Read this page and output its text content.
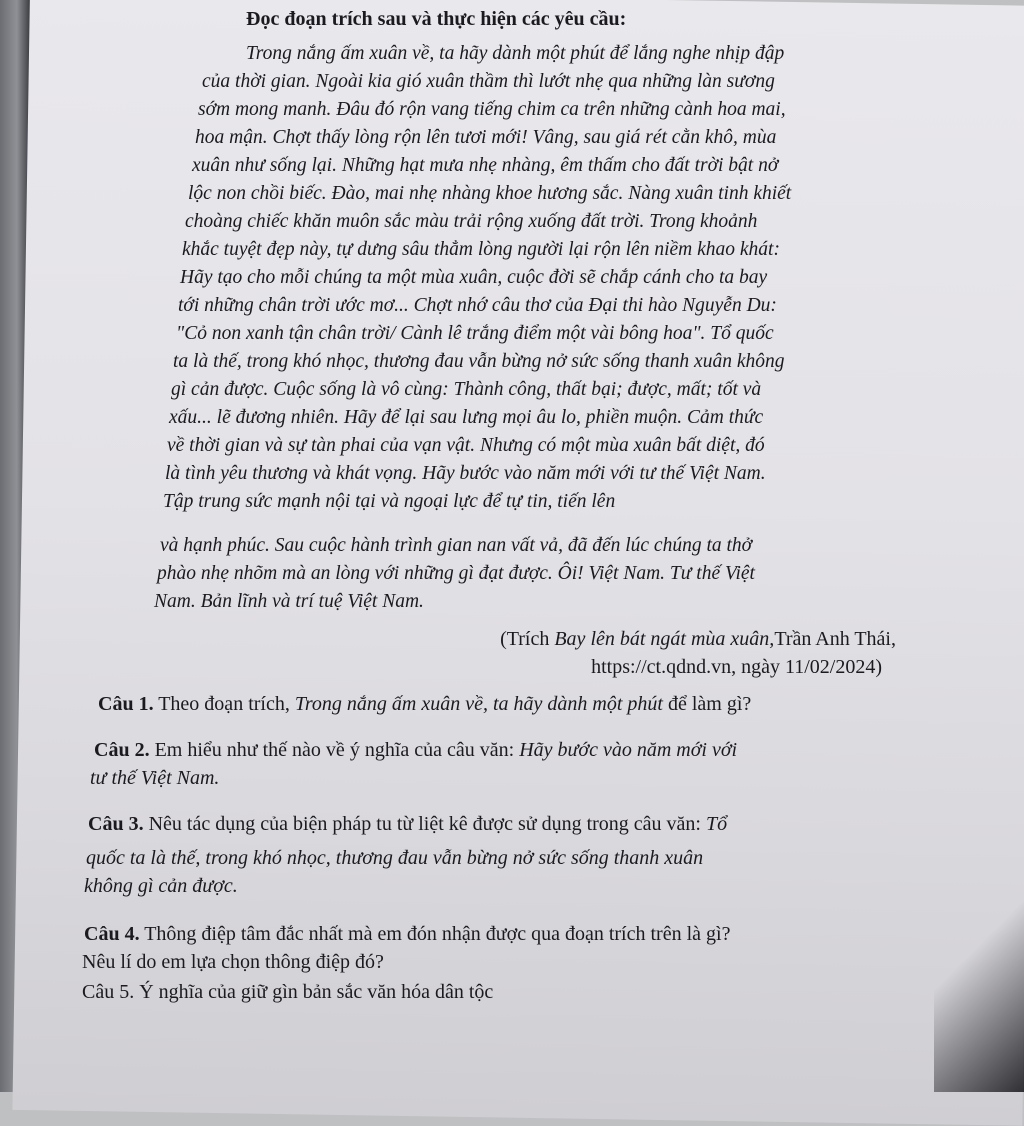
Đọc đoạn trích sau và thực hiện các yêu cầu:

Trong nắng ấm xuân về, ta hãy dành một phút để lắng nghe nhịp đập

của thời gian. Ngoài kia gió xuân thầm thì lướt nhẹ qua những làn sương

sớm mong manh. Đâu đó rộn vang tiếng chim ca trên những cành hoa mai,

hoa mận. Chợt thấy lòng rộn lên tươi mới! Vâng, sau giá rét cằn khô, mùa

xuân như sống lại. Những hạt mưa nhẹ nhàng, êm thấm cho đất trời bật nở

lộc non chồi biếc. Đào, mai nhẹ nhàng khoe hương sắc. Nàng xuân tinh khiết

choàng chiếc khăn muôn sắc màu trải rộng xuống đất trời. Trong khoảnh

khắc tuyệt đẹp này, tự dưng sâu thẳm lòng người lại rộn lên niềm khao khát:

Hãy tạo cho mỗi chúng ta một mùa xuân, cuộc đời sẽ chắp cánh cho ta bay

tới những chân trời ước mơ... Chợt nhớ câu thơ của Đại thi hào Nguyễn Du:

"Cỏ non xanh tận chân trời/ Cành lê trắng điểm một vài bông hoa". Tổ quốc

ta là thế, trong khó nhọc, thương đau vẫn bừng nở sức sống thanh xuân không

gì cản được. Cuộc sống là vô cùng: Thành công, thất bại; được, mất; tốt và

xấu... lẽ đương nhiên. Hãy để lại sau lưng mọi âu lo, phiền muộn. Cảm thức

về thời gian và sự tàn phai của vạn vật. Nhưng có một mùa xuân bất diệt, đó

là tình yêu thương và khát vọng. Hãy bước vào năm mới với tư thế Việt Nam.

Tập trung sức mạnh nội tại và ngoại lực để tự tin, tiến lên

và hạnh phúc. Sau cuộc hành trình gian nan vất vả, đã đến lúc chúng ta thở

phào nhẹ nhõm mà an lòng với những gì đạt được. Ôi! Việt Nam. Tư thế Việt

Nam. Bản lĩnh và trí tuệ Việt Nam.

(Trích Bay lên bát ngát mùa xuân,Trần Anh Thái,
https://ct.qdnd.vn, ngày 11/02/2024)

Câu 1. Theo đoạn trích, Trong nắng ấm xuân về, ta hãy dành một phút để làm gì?

Câu 2. Em hiểu như thế nào về ý nghĩa của câu văn: Hãy bước vào năm mới với

tư thế Việt Nam.

Câu 3. Nêu tác dụng của biện pháp tu từ liệt kê được sử dụng trong câu văn: Tổ

quốc ta là thế, trong khó nhọc, thương đau vẫn bừng nở sức sống thanh xuân

không gì cản được.

Câu 4. Thông điệp tâm đắc nhất mà em đón nhận được qua đoạn trích trên là gì?

Nêu lí do em lựa chọn thông điệp đó?

Câu 5. Ý nghĩa của giữ gìn bản sắc văn hóa dân tộc
